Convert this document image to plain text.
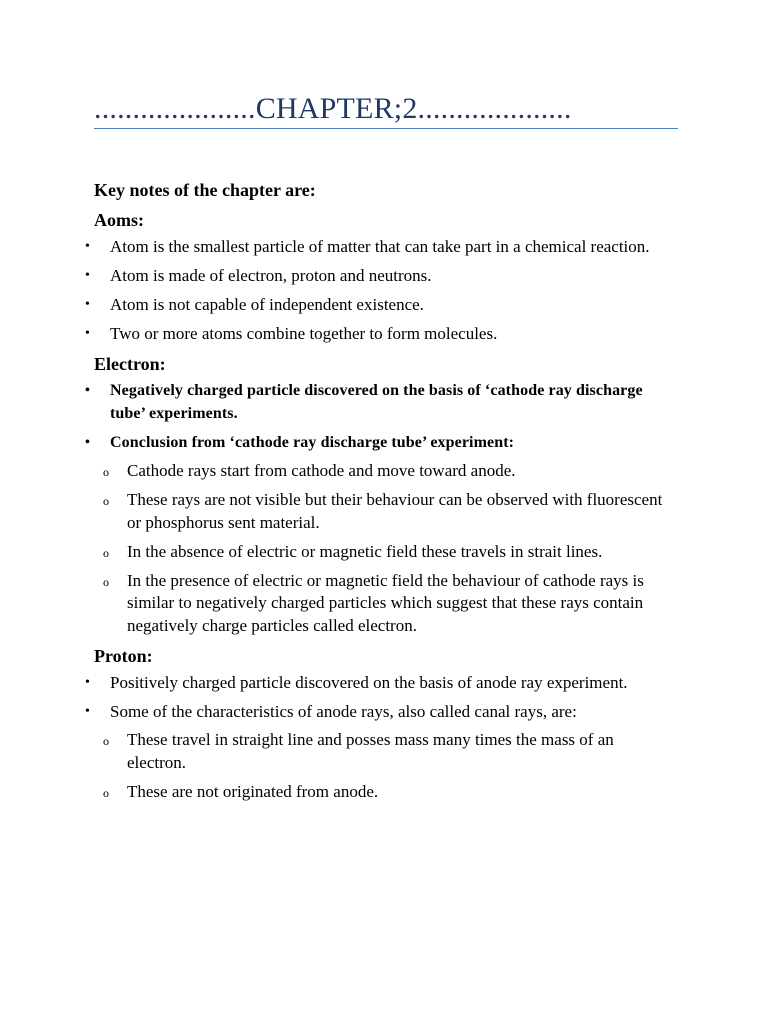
.....................CHAPTER;2....................

Key notes of the chapter are:

Aoms:

• Atom is the smallest particle of matter that can take part in a chemical reaction.
• Atom is made of electron, proton and neutrons.
• Atom is not capable of independent existence.
• Two or more atoms combine together to form molecules.

Electron:

• Negatively charged particle discovered on the basis of ‘cathode ray discharge tube’ experiments.
• Conclusion from ‘cathode ray discharge tube’ experiment:
o Cathode rays start from cathode and move toward anode.
o These rays are not visible but their behaviour can be observed with fluorescent or phosphorus sent material.
o In the absence of electric or magnetic field these travels in strait lines.
o In the presence of electric or magnetic field the behaviour of cathode rays is similar to negatively charged particles which suggest that these rays contain negatively charge particles called electron.

Proton:

• Positively charged particle discovered on the basis of anode ray experiment.
• Some of the characteristics of anode rays, also called canal rays, are:
o These travel in straight line and posses mass many times the mass of an electron.
o These are not originated from anode.
